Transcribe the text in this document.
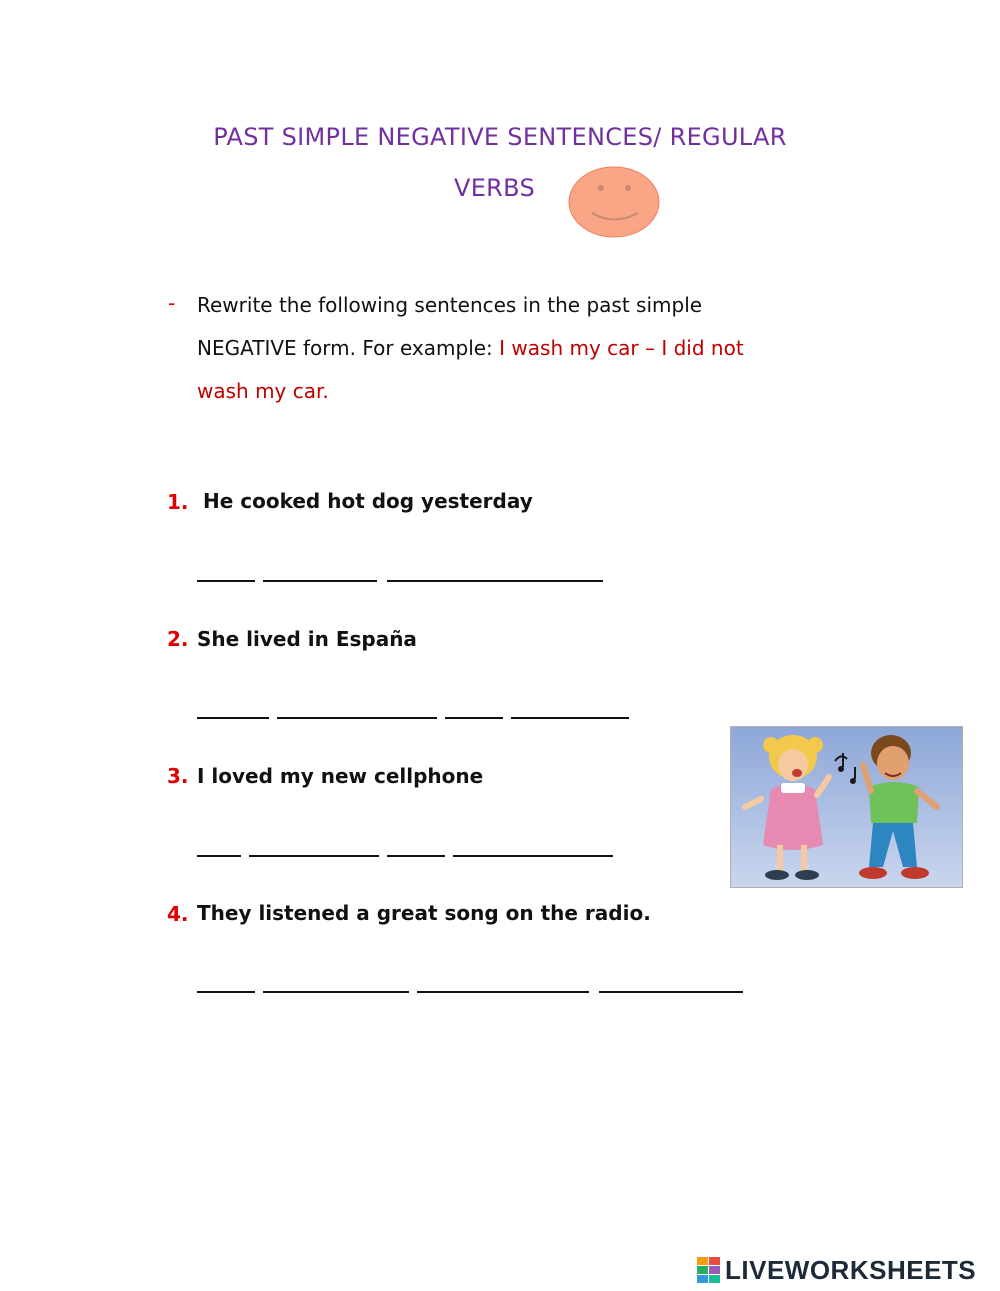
PAST SIMPLE NEGATIVE SENTENCES/ REGULAR
VERBS
- Rewrite the following sentences in the past simple
NEGATIVE form. For example: I wash my car – I did not
wash my car.
1. He cooked hot dog yesterday
2. She lived in España
3. I loved my new cellphone
4. They listened a great song on the radio.
LIVEWORKSHEETS
